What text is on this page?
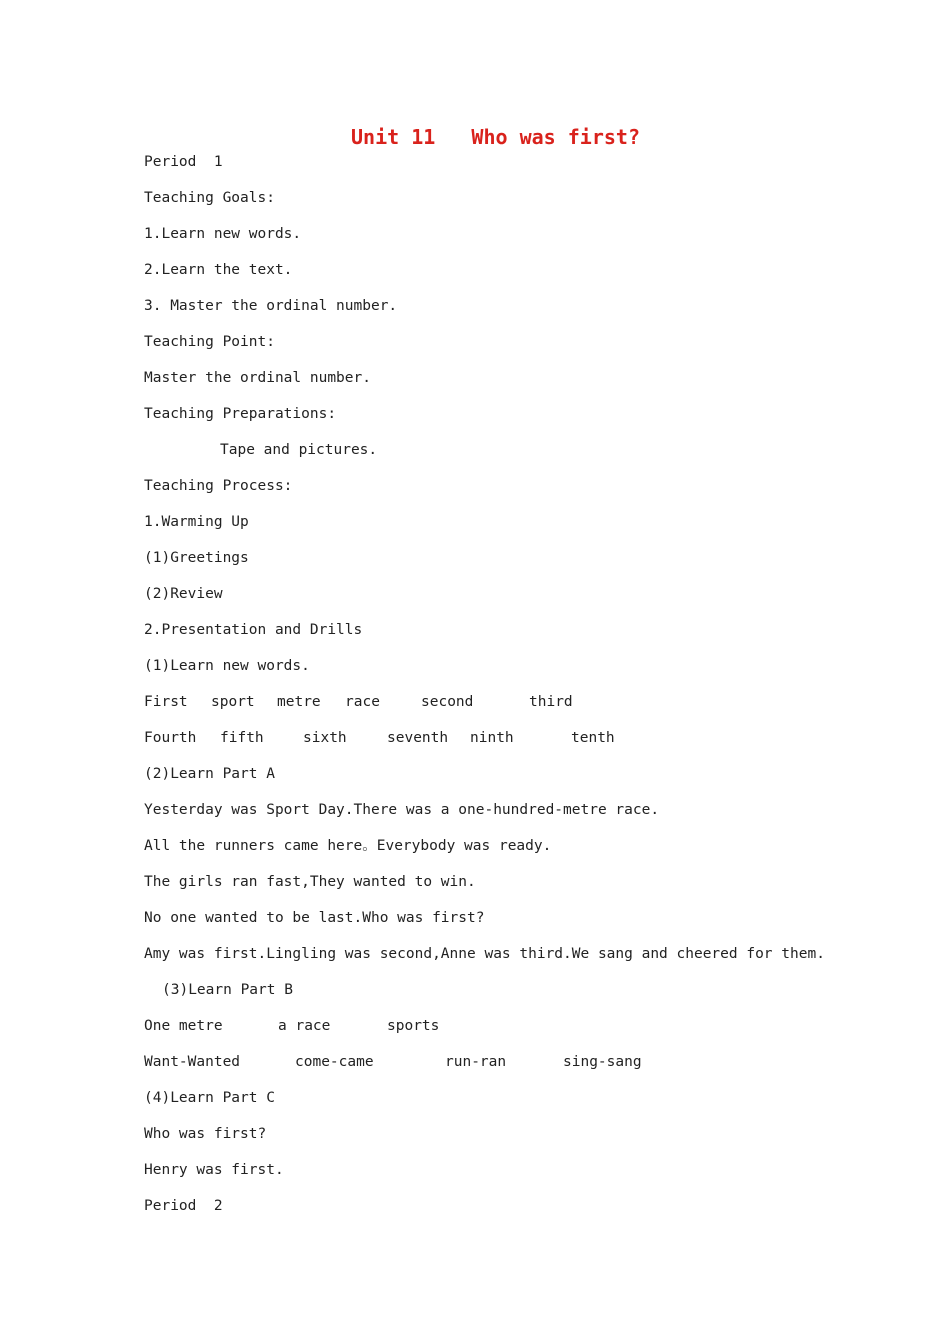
Unit 11   Who was first?
Period  1
Teaching Goals:
1.Learn new words.
2.Learn the text.
3. Master the ordinal number.
Teaching Point:
Master the ordinal number.
Teaching Preparations:
Tape and pictures.
Teaching Process:
1.Warming Up
(1)Greetings
(2)Review
2.Presentation and Drills
(1)Learn new words.
First sport metre race	second	third
Fourth fifth	sixth	seventh ninth	tenth
(2)Learn Part A
Yesterday was Sport Day.There was a one-hundred-metre race.
All the runners came here。Everybody was ready.
The girls ran fast,They wanted to win.
No one wanted to be last.Who was first?
Amy was first.Lingling was second,Anne was third.We sang and cheered for them.
(3)Learn Part B
One metre	a race	sports
Want-Wanted	come-came	run-ran	sing-sang
(4)Learn Part C
Who was first?
Henry was first.
Period  2
